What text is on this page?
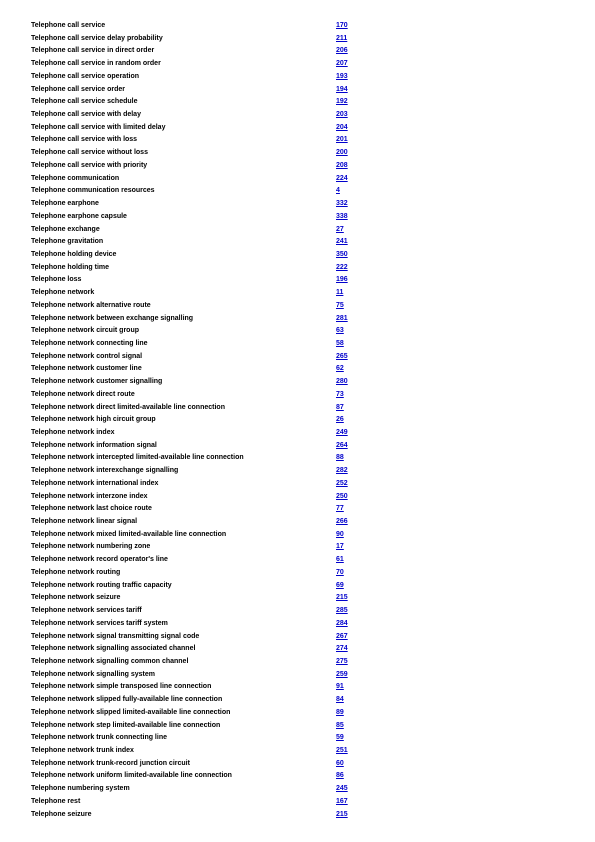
Telephone call service	170
Telephone call service delay probability	211
Telephone call service in direct order	206
Telephone call service in random order	207
Telephone call service operation	193
Telephone call service order	194
Telephone call service schedule	192
Telephone call service with delay	203
Telephone call service with limited delay	204
Telephone call service with loss	201
Telephone call service without loss	200
Telephone call service with priority	208
Telephone communication	224
Telephone communication resources	4
Telephone earphone	332
Telephone earphone capsule	338
Telephone exchange	27
Telephone gravitation	241
Telephone holding device	350
Telephone holding time	222
Telephone loss	196
Telephone network	11
Telephone network alternative route	75
Telephone network between exchange signalling	281
Telephone network circuit group	63
Telephone network connecting line	58
Telephone network control signal	265
Telephone network customer line	62
Telephone network customer signalling	280
Telephone network direct route	73
Telephone network direct limited-available line connection	87
Telephone network high circuit group	26
Telephone network index	249
Telephone network information signal	264
Telephone network intercepted limited-available line connection	88
Telephone network interexchange signalling	282
Telephone network international index	252
Telephone network interzone index	250
Telephone network last choice route	77
Telephone network linear signal	266
Telephone network mixed limited-available line connection	90
Telephone network numbering zone	17
Telephone network record operator's line	61
Telephone network routing	70
Telephone network routing traffic capacity	69
Telephone network seizure	215
Telephone network services tariff	285
Telephone network services tariff system	284
Telephone network signal transmitting signal code	267
Telephone network signalling associated channel	274
Telephone network signalling common channel	275
Telephone network signalling system	259
Telephone network simple transposed line connection	91
Telephone network slipped fully-available line connection	84
Telephone network slipped limited-available line connection	89
Telephone network step limited-available line connection	85
Telephone network trunk connecting line	59
Telephone network trunk index	251
Telephone network trunk-record junction circuit	60
Telephone network uniform limited-available line connection	86
Telephone numbering system	245
Telephone rest	167
Telephone seizure	215
